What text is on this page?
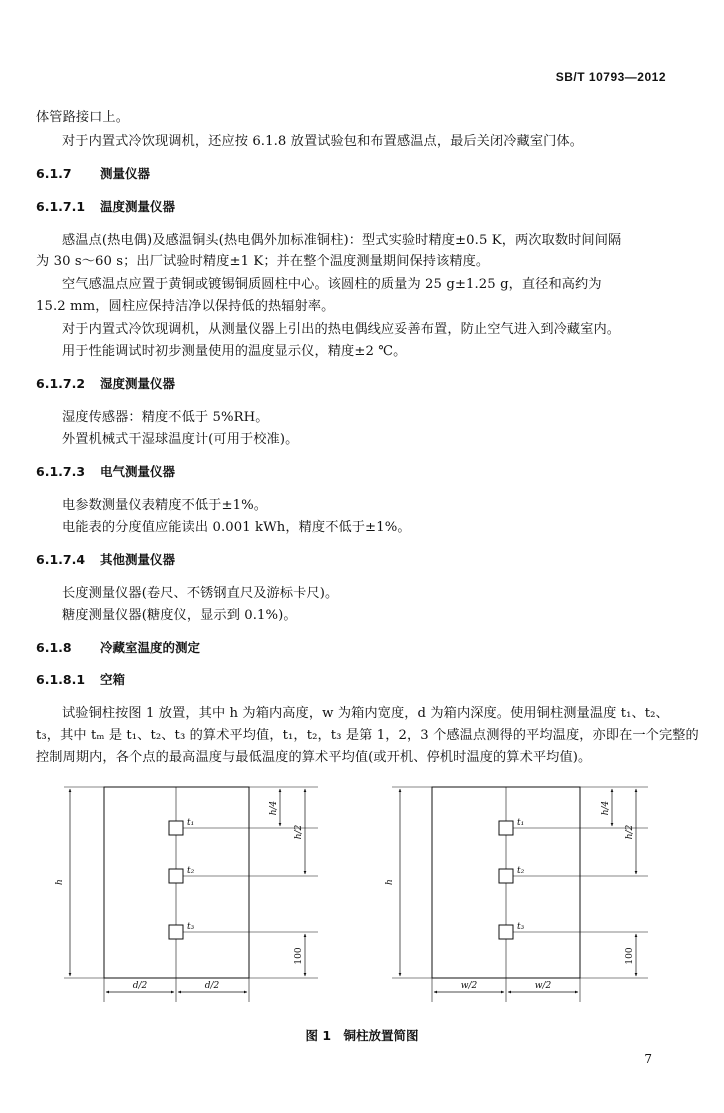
SB/T 10793—2012
体管路接口上。
对于内置式冷饮现调机，还应按 6.1.8 放置试验包和布置感温点，最后关闭冷藏室门体。
6.1.7 测量仪器
6.1.7.1 温度测量仪器
感温点(热电偶)及感温铜头(热电偶外加标准铜柱)：型式实验时精度±0.5 K，两次取数时间间隔
为 30 s～60 s；出厂试验时精度±1 K；并在整个温度测量期间保持该精度。
空气感温点应置于黄铜或镀锡铜质圆柱中心。该圆柱的质量为 25 g±1.25 g，直径和高约为
15.2 mm，圆柱应保持洁净以保持低的热辐射率。
对于内置式冷饮现调机，从测量仪器上引出的热电偶线应妥善布置，防止空气进入到冷藏室内。
用于性能调试时初步测量使用的温度显示仪，精度±2 ℃。
6.1.7.2 湿度测量仪器
湿度传感器：精度不低于 5%RH。
外置机械式干湿球温度计(可用于校准)。
6.1.7.3 电气测量仪器
电参数测量仪表精度不低于±1%。
电能表的分度值应能读出 0.001 kWh，精度不低于±1%。
6.1.7.4 其他测量仪器
长度测量仪器(卷尺、不锈钢直尺及游标卡尺)。
糖度测量仪器(糖度仪，显示到 0.1%)。
6.1.8 冷藏室温度的测定
6.1.8.1 空箱
试验铜柱按图 1 放置，其中 h 为箱内高度，w 为箱内宽度，d 为箱内深度。使用铜柱测量温度 t₁、t₂、
t₃，其中 tₘ 是 t₁、t₂、t₃ 的算术平均值，t₁，t₂，t₃ 是第 1，2，3 个感温点测得的平均温度，亦即在一个完整的
控制周期内，各个点的最高温度与最低温度的算术平均值(或开机、停机时温度的算术平均值)。
h
h/4
h/2
100
t₁
t₂
t₃
d/2	d/2
h
h/4
h/2
100
t₁
t₂
t₃
w/2	w/2
图 1　铜柱放置简图
7
